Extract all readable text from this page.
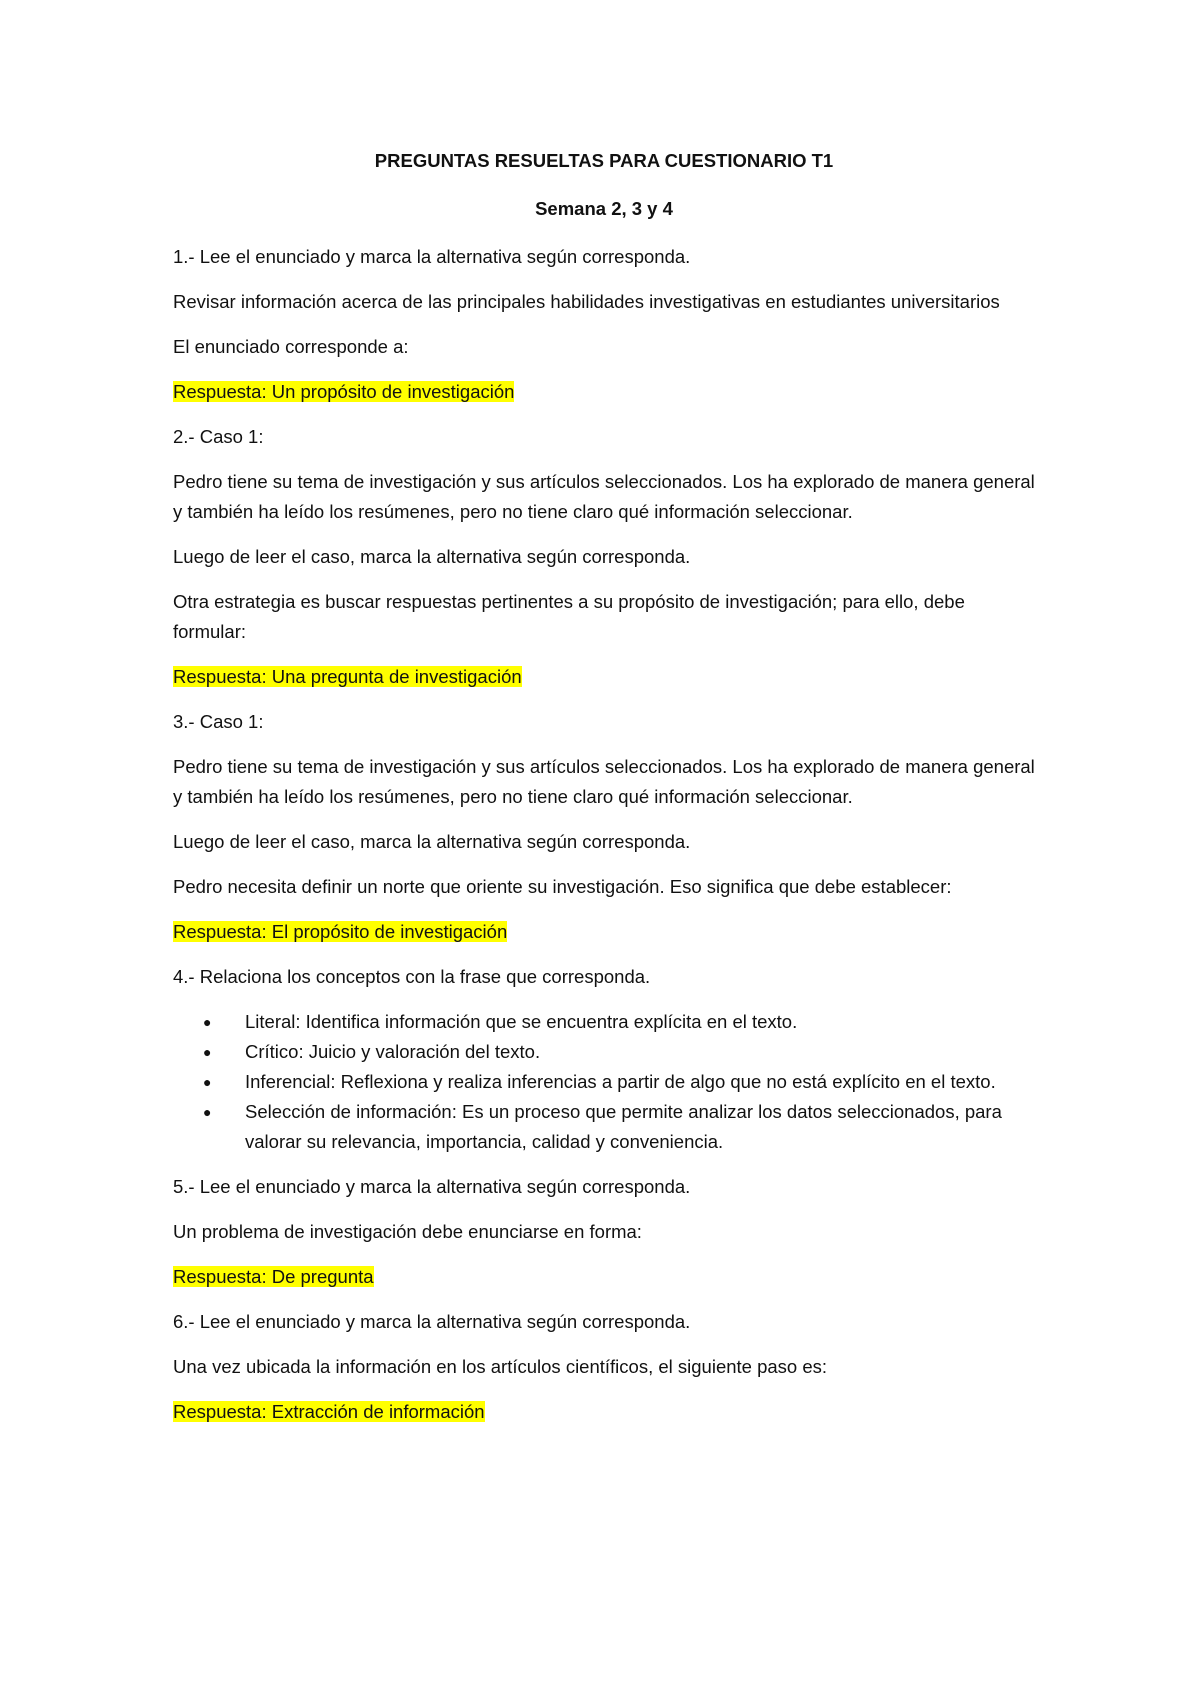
PREGUNTAS RESUELTAS PARA CUESTIONARIO T1

Semana 2, 3 y 4

1.- Lee el enunciado y marca la alternativa según corresponda.

Revisar información acerca de las principales habilidades investigativas en estudiantes universitarios

El enunciado corresponde a:

Respuesta: Un propósito de investigación

2.- Caso 1:

Pedro tiene su tema de investigación y sus artículos seleccionados. Los ha explorado de manera general y también ha leído los resúmenes, pero no tiene claro qué información seleccionar.

Luego de leer el caso, marca la alternativa según corresponda.

Otra estrategia es buscar respuestas pertinentes a su propósito de investigación; para ello, debe formular:

Respuesta: Una pregunta de investigación

3.- Caso 1:

Pedro tiene su tema de investigación y sus artículos seleccionados. Los ha explorado de manera general y también ha leído los resúmenes, pero no tiene claro qué información seleccionar.

Luego de leer el caso, marca la alternativa según corresponda.

Pedro necesita definir un norte que oriente su investigación. Eso significa que debe establecer:

Respuesta: El propósito de investigación

4.- Relaciona los conceptos con la frase que corresponda.

● Literal: Identifica información que se encuentra explícita en el texto.
● Crítico: Juicio y valoración del texto.
● Inferencial: Reflexiona y realiza inferencias a partir de algo que no está explícito en el texto.
● Selección de información: Es un proceso que permite analizar los datos seleccionados, para valorar su relevancia, importancia, calidad y conveniencia.

5.- Lee el enunciado y marca la alternativa según corresponda.

Un problema de investigación debe enunciarse en forma:

Respuesta: De pregunta

6.- Lee el enunciado y marca la alternativa según corresponda.

Una vez ubicada la información en los artículos científicos, el siguiente paso es:

Respuesta: Extracción de información
